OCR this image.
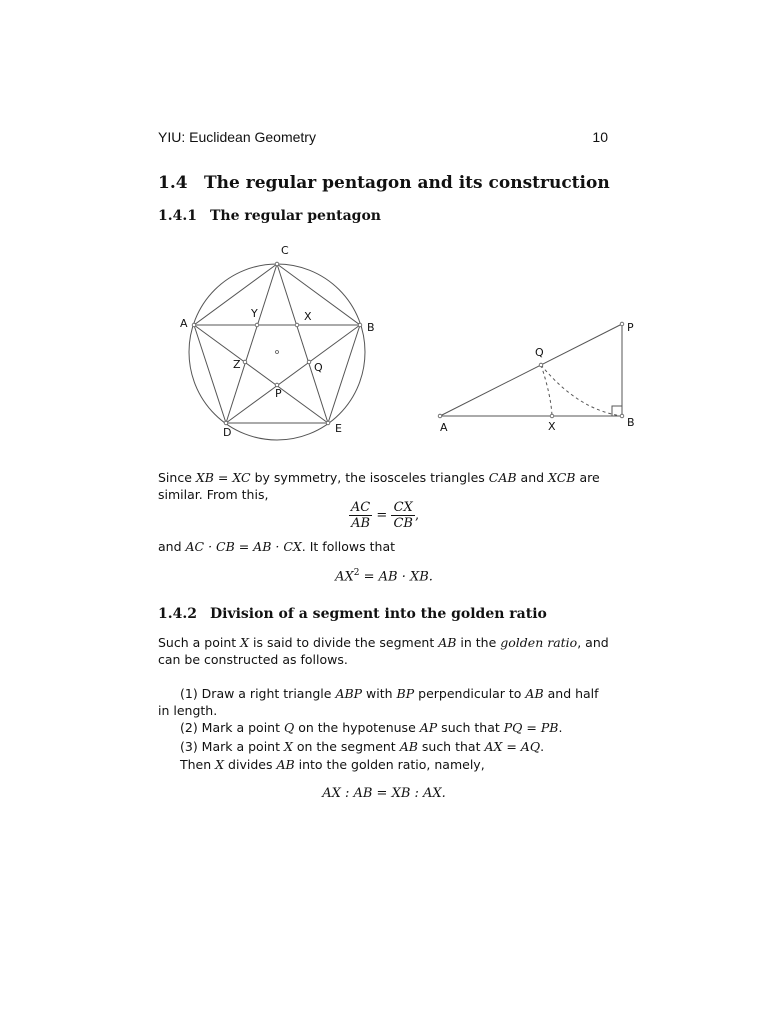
YIU: Euclidean Geometry	10
1.4 The regular pentagon and its construction
1.4.1 The regular pentagon
C
Y	X
A	B
Z	Q
P
D	E
P
Q
A	X	B
Since XB = XC by symmetry, the isosceles triangles CAB and XCB are similar. From this,
$\frac{AC}{AB} = \frac{CX}{CB}$ ,
and AC · CB = AB · CX. It follows that
$AX^2$ = AB · XB.
1.4.2 Division of a segment into the golden ratio
Such a point X is said to divide the segment AB in the golden ratio, and can be constructed as follows.
(1) Draw a right triangle ABP with BP perpendicular to AB and half in length.
(2) Mark a point Q on the hypotenuse AP such that PQ = PB.
(3) Mark a point X on the segment AB such that AX = AQ.
Then X divides AB into the golden ratio, namely,
AX : AB = XB : AX.
